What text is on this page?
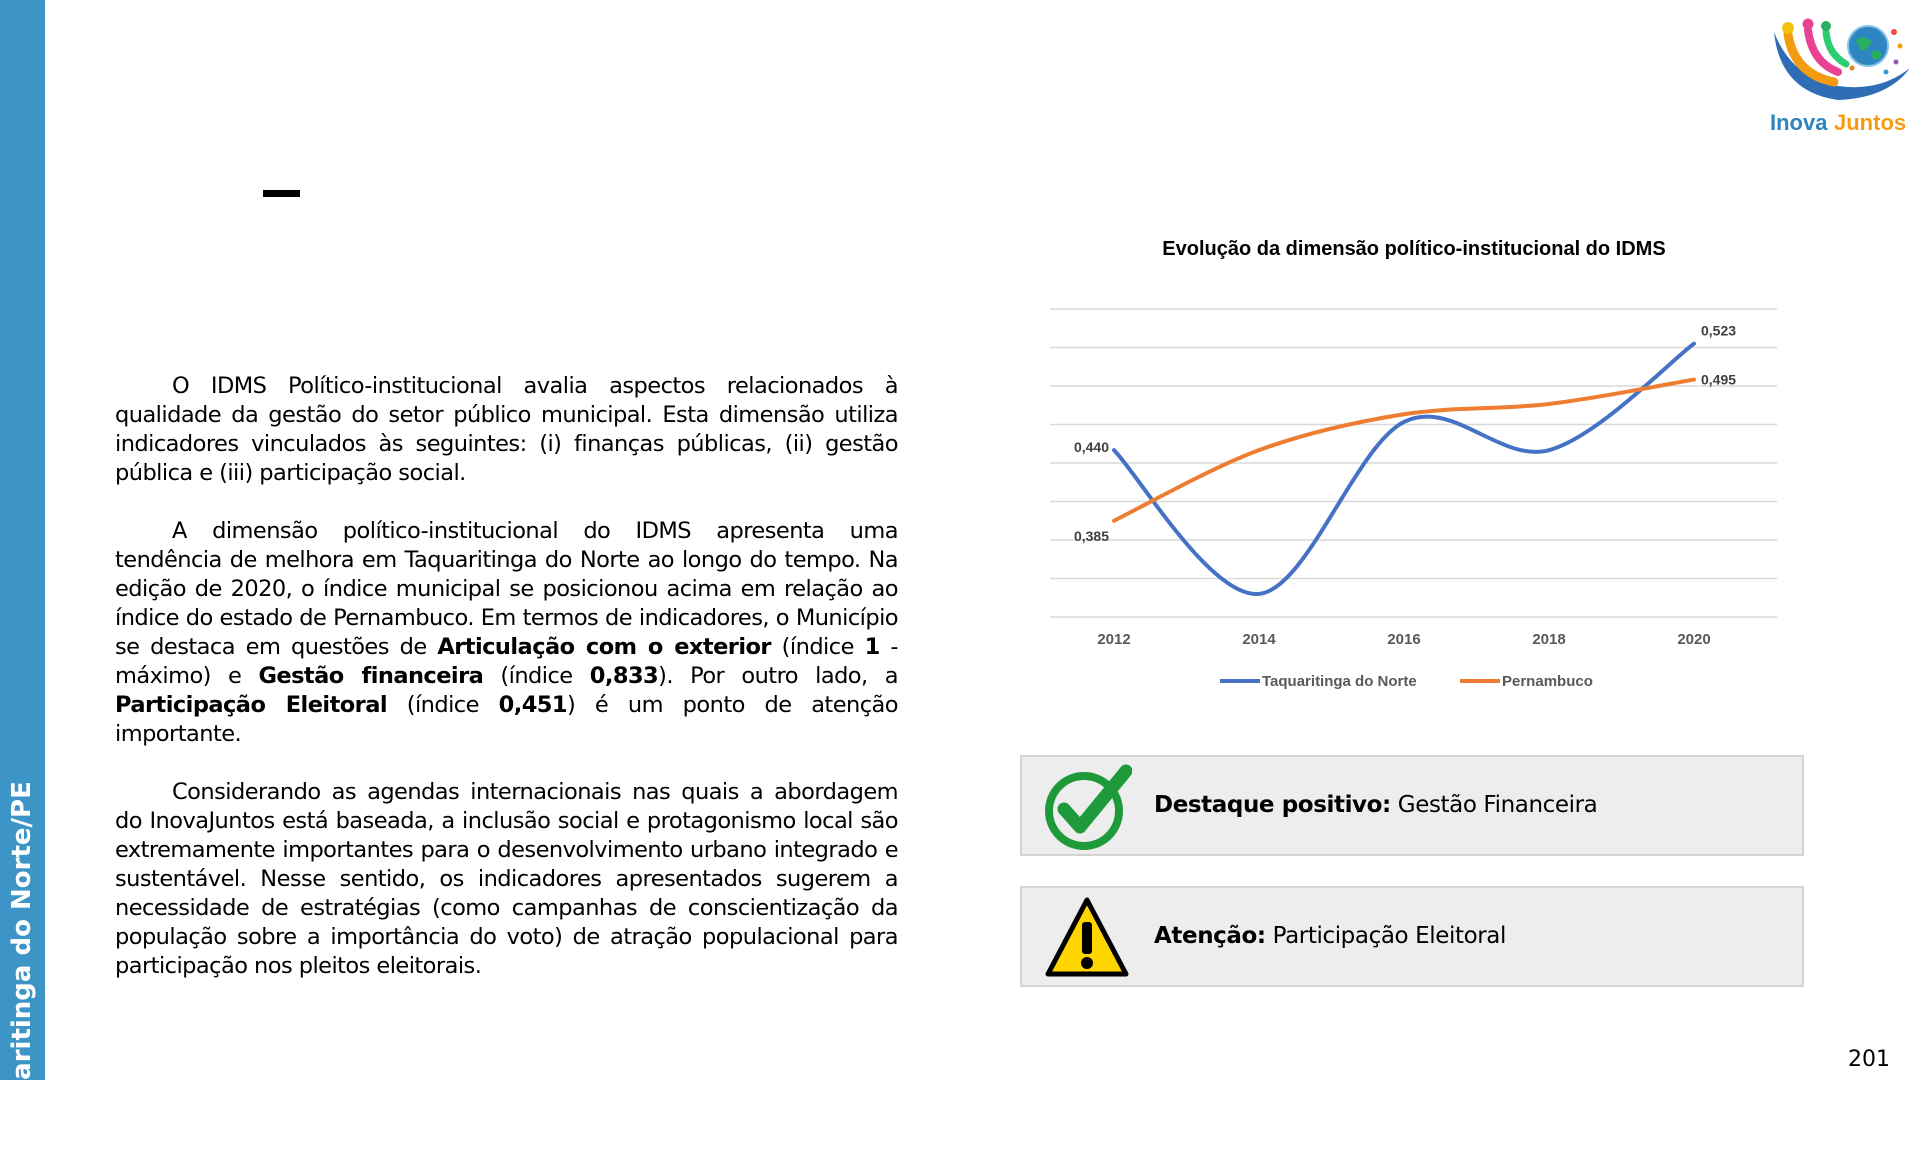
Taquaritinga do Norte/PE
Inova Juntos

O IDMS Político-institucional avalia aspectos relacionados à qualidade da gestão do setor público municipal. Esta dimensão utiliza indicadores vinculados às seguintes: (i) finanças públicas, (ii) gestão pública e (iii) participação social.

A dimensão político-institucional do IDMS apresenta uma tendência de melhora em Taquaritinga do Norte ao longo do tempo. Na edição de 2020, o índice municipal se posicionou acima em relação ao índice do estado de Pernambuco. Em termos de indicadores, o Município se destaca em questões de Articulação com o exterior (índice 1 - máximo) e Gestão financeira (índice 0,833). Por outro lado, a Participação Eleitoral (índice 0,451) é um ponto de atenção importante.

Considerando as agendas internacionais nas quais a abordagem do InovaJuntos está baseada, a inclusão social e protagonismo local são extremamente importantes para o desenvolvimento urbano integrado e sustentável. Nesse sentido, os indicadores apresentados sugerem a necessidade de estratégias (como campanhas de conscientização da população sobre a importância do voto) de atração populacional para participação nos pleitos eleitorais.

Evolução da dimensão político-institucional do IDMS
0,440
0,523
0,385
0,495
2012	2014	2016	2018	2020
Taquaritinga do Norte	Pernambuco
Destaque positivo: Gestão Financeira
Atenção: Participação Eleitoral
201
